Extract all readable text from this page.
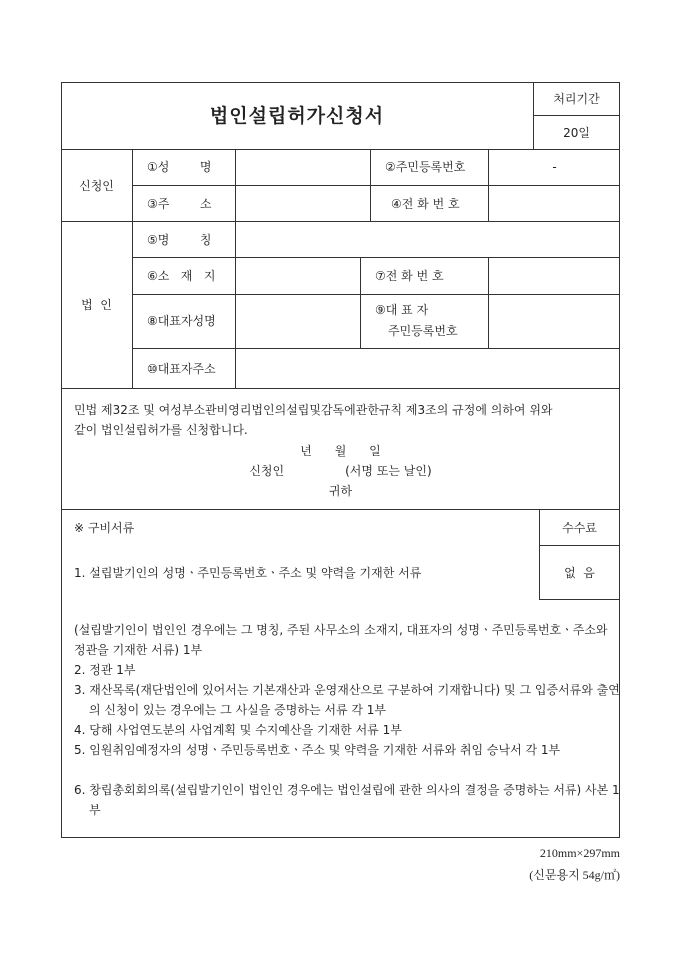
법인설립허가신청서
처리기간
20일
신청인
①성        명	②주민등록번호	-
③주        소	④전 화 번 호
법  인
⑤명        칭
⑥소   재   지	⑦전 화 번 호
⑧대표자성명
⑨대 표 자
주민등록번호
⑩대표자주소
민법 제32조 및 여성부소관비영리법인의설립및감독에관한규칙 제3조의 규정에 의하여 위와
같이 법인설립허가를 신청합니다.
년      월      일
신청인                (서명 또는 날인)
귀하
※ 구비서류	수수료
없  음
1. 설립발기인의 성명ㆍ주민등록번호ㆍ주소 및 약력을 기재한 서류
(설립발기인이 법인인 경우에는 그 명칭, 주된 사무소의 소재지, 대표자의 성명ㆍ주민등록번호ㆍ주소와 정관을 기재한 서류) 1부
2. 정관 1부
3. 재산목록(재단법인에 있어서는 기본재산과 운영재산으로 구분하여 기재합니다) 및 그 입증서류와 출연의 신청이 있는 경우에는 그 사실을 증명하는 서류 각 1부
4. 당해 사업연도분의 사업계획 및 수지예산을 기재한 서류 1부
5. 임원취임예정자의 성명ㆍ주민등록번호ㆍ주소 및 약력을 기재한 서류와 취임 승낙서 각 1부
6. 창립총회회의록(설립발기인이 법인인 경우에는 법인설립에 관한 의사의 결정을 증명하는 서류) 사본 1부
210mm×297mm
(신문용지 54g/㎡)
